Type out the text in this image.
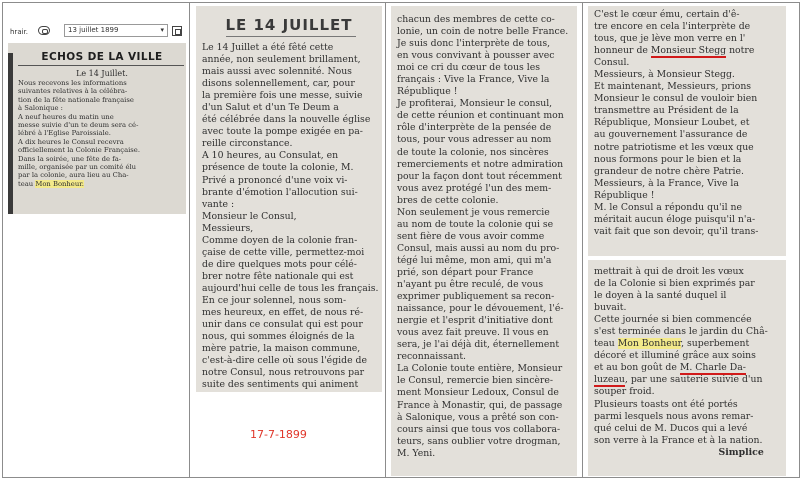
hrair.	13 juillet 1899	▾
ECHOS DE LA VILLE
Le 14 Juillet.
Nous recevons les informations
suivantes relatives à la célébra-
tion de la fête nationale française
à Salonique :
A neuf heures du matin une
messe suivie d'un te deum sera cé-
lébré à l'Eglise Paroissiale.
A dix heures le Consul recevra
officiellement la Colonie Française.
Dans la soirée, une fête de fa-
mille, organisée par un comité élu
par la colonie, aura lieu au Cha-
teau Mon Bonheur.
LE 14 JUILLET
Le 14 Juillet a été fêté cette
année, non seulement brillament,
mais aussi avec solennité. Nous
disons solennellement, car, pour
la première fois une messe, suivie
d'un Salut et d'un Te Deum a
été célébrée dans la nouvelle église
avec toute la pompe exigée en pa-
reille circonstance.
A 10 heures, au Consulat, en
présence de toute la colonie, M.
Privé a prononcé d'une voix vi-
brante d'émotion l'allocution sui-
vante :
Monsieur le Consul,
Messieurs,
Comme doyen de la colonie fran-
çaise de cette ville, permettez-moi
de dire quelques mots pour célé-
brer notre fête nationale qui est
aujourd'hui celle de tous les français.
En ce jour solennel, nous som-
mes heureux, en effet, de nous ré-
unir dans ce consulat qui est pour
nous, qui sommes éloignés de la
mère patrie, la maison commune,
c'est-à-dire celle où sous l'égide de
notre Consul, nous retrouvons par
suite des sentiments qui animent
17-7-1899
chacun des membres de cette co-
lonie, un coin de notre belle France.
Je suis donc l'interprète de tous,
en vous convivant à pousser avec
moi ce cri du cœur de tous les
français : Vive la France, Vive la
République !
Je profiterai, Monsieur le consul,
de cette réunion et continuant mon
rôle d'interprète de la pensée de
tous, pour vous adresser au nom
de toute la colonie, nos sincères
remerciements et notre admiration
pour la façon dont tout récemment
vous avez protégé l'un des mem-
bres de cette colonie.
Non seulement je vous remercie
au nom de toute la colonie qui se
sent fière de vous avoir comme
Consul, mais aussi au nom du pro-
tégé lui même, mon ami, qui m'a
prié, son départ pour France
n'ayant pu être reculé, de vous
exprimer publiquement sa recon-
naissance, pour le dévouement, l'é-
nergie et l'esprit d'initiative dont
vous avez fait preuve. Il vous en
sera, je l'ai déjà dit, éternellement
reconnaissant.
La Colonie toute entière, Monsieur
le Consul, remercie bien sincère-
ment Monsieur Ledoux, Consul de
France à Monastir, qui, de passage
à Salonique, vous a prêté son con-
cours ainsi que tous vos collabora-
teurs, sans oublier votre drogman,
M. Yeni.
C'est le cœur ému, certain d'ê-
tre encore en cela l'interprète de
tous, que je lève mon verre en l'
honneur de Monsieur Stegg notre
Consul.
Messieurs, à Monsieur Stegg.
Et maintenant, Messieurs, prions
Monsieur le consul de vouloir bien
transmettre au Président de la
République, Monsieur Loubet, et
au gouvernement l'assurance de
notre patriotisme et les vœux que
nous formons pour le bien et la
grandeur de notre chère Patrie.
Messieurs, à la France, Vive la
République !
M. le Consul a répondu qu'il ne
méritait aucun éloge puisqu'il n'a-
vait fait que son devoir, qu'il trans-
mettrait à qui de droit les vœux
de la Colonie si bien exprimés par
le doyen à la santé duquel il
buvait.
Cette journée si bien commencée
s'est terminée dans le jardin du Châ-
teau Mon Bonheur, superbement
décoré et illuminé grâce aux soins
et au bon goût de M. Charle Da-
luzeau, par une sauterie suivie d'un
souper froid.
Plusieurs toasts ont été portés
parmi lesquels nous avons remar-
qué celui de M. Ducos qui a levé
son verre à la France et à la nation.
Simplice
